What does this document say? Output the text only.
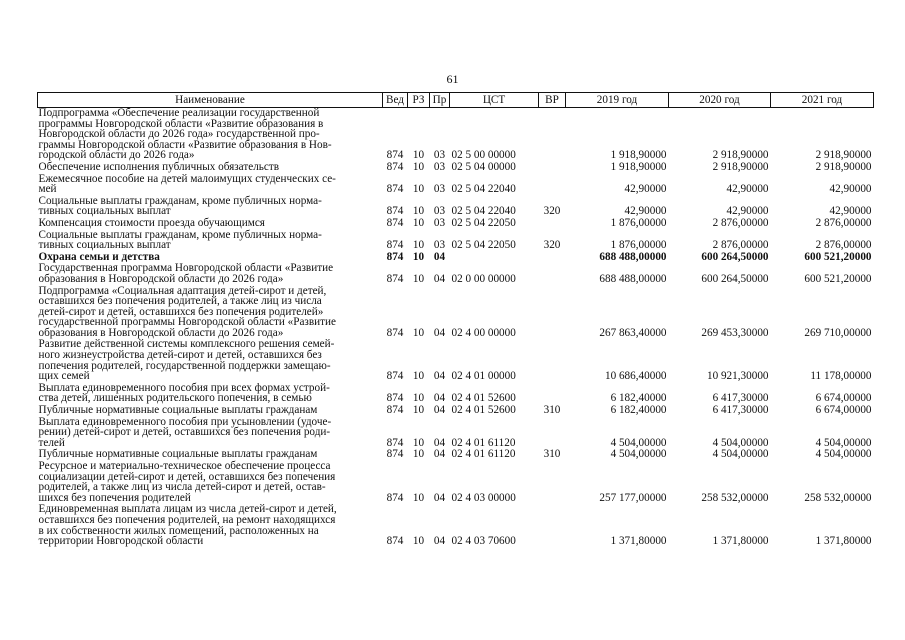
61
Наименование	Вед	РЗ	Пр	ЦСТ	ВР	2019 год	2020 год	2021 год

Подпрограмма «Обеспечение реализации государственной
программы Новгородской области «Развитие образования в
Новгородской области до 2026 года» государственной про-
граммы Новгородской области «Развитие образования в Нов-
городской области до 2026 года»	874	10	03	02 5 00 00000		1 918,90000	2 918,90000	2 918,90000

Обеспечение исполнения публичных обязательств	874	10	03	02 5 04 00000		1 918,90000	2 918,90000	2 918,90000

Ежемесячное пособие на детей малоимущих студенческих се-
мей	874	10	03	02 5 04 22040		42,90000	42,90000	42,90000

Социальные выплаты гражданам, кроме публичных норма-
тивных социальных выплат	874	10	03	02 5 04 22040	320	42,90000	42,90000	42,90000

Компенсация стоимости проезда обучающимся	874	10	03	02 5 04 22050		1 876,00000	2 876,00000	2 876,00000

Социальные выплаты гражданам, кроме публичных норма-
тивных социальных выплат	874	10	03	02 5 04 22050	320	1 876,00000	2 876,00000	2 876,00000

Охрана семьи и детства	874	10	04			688 488,00000	600 264,50000	600 521,20000

Государственная программа Новгородской области «Развитие
образования в Новгородской области до 2026 года»	874	10	04	02 0 00 00000		688 488,00000	600 264,50000	600 521,20000

Подпрограмма «Социальная адаптация детей-сирот и детей,
оставшихся без попечения родителей, а также лиц из числа
детей-сирот и детей, оставшихся без попечения родителей»
государственной программы Новгородской области «Развитие
образования в Новгородской области до 2026 года»	874	10	04	02 4 00 00000		267 863,40000	269 453,30000	269 710,00000

Развитие действенной системы комплексного решения семей-
ного жизнеустройства детей-сирот и детей, оставшихся без
попечения родителей, государственной поддержки замещаю-
щих семей	874	10	04	02 4 01 00000		10 686,40000	10 921,30000	11 178,00000

Выплата единовременного пособия при всех формах устрой-
ства детей, лишенных родительского попечения, в семью	874	10	04	02 4 01 52600		6 182,40000	6 417,30000	6 674,00000

Публичные нормативные социальные выплаты гражданам	874	10	04	02 4 01 52600	310	6 182,40000	6 417,30000	6 674,00000

Выплата единовременного пособия при усыновлении (удоче-
рении) детей-сирот и детей, оставшихся без попечения роди-
телей	874	10	04	02 4 01 61120		4 504,00000	4 504,00000	4 504,00000

Публичные нормативные социальные выплаты гражданам	874	10	04	02 4 01 61120	310	4 504,00000	4 504,00000	4 504,00000

Ресурсное и материально-техническое обеспечение процесса
социализации детей-сирот и детей, оставшихся без попечения
родителей, а также лиц из числа детей-сирот и детей, остав-
шихся без попечения родителей	874	10	04	02 4 03 00000		257 177,00000	258 532,00000	258 532,00000

Единовременная выплата лицам из числа детей-сирот и детей,
оставшихся без попечения родителей, на ремонт находящихся
в их собственности жилых помещений, расположенных на
территории Новгородской области	874	10	04	02 4 03 70600		1 371,80000	1 371,80000	1 371,80000
